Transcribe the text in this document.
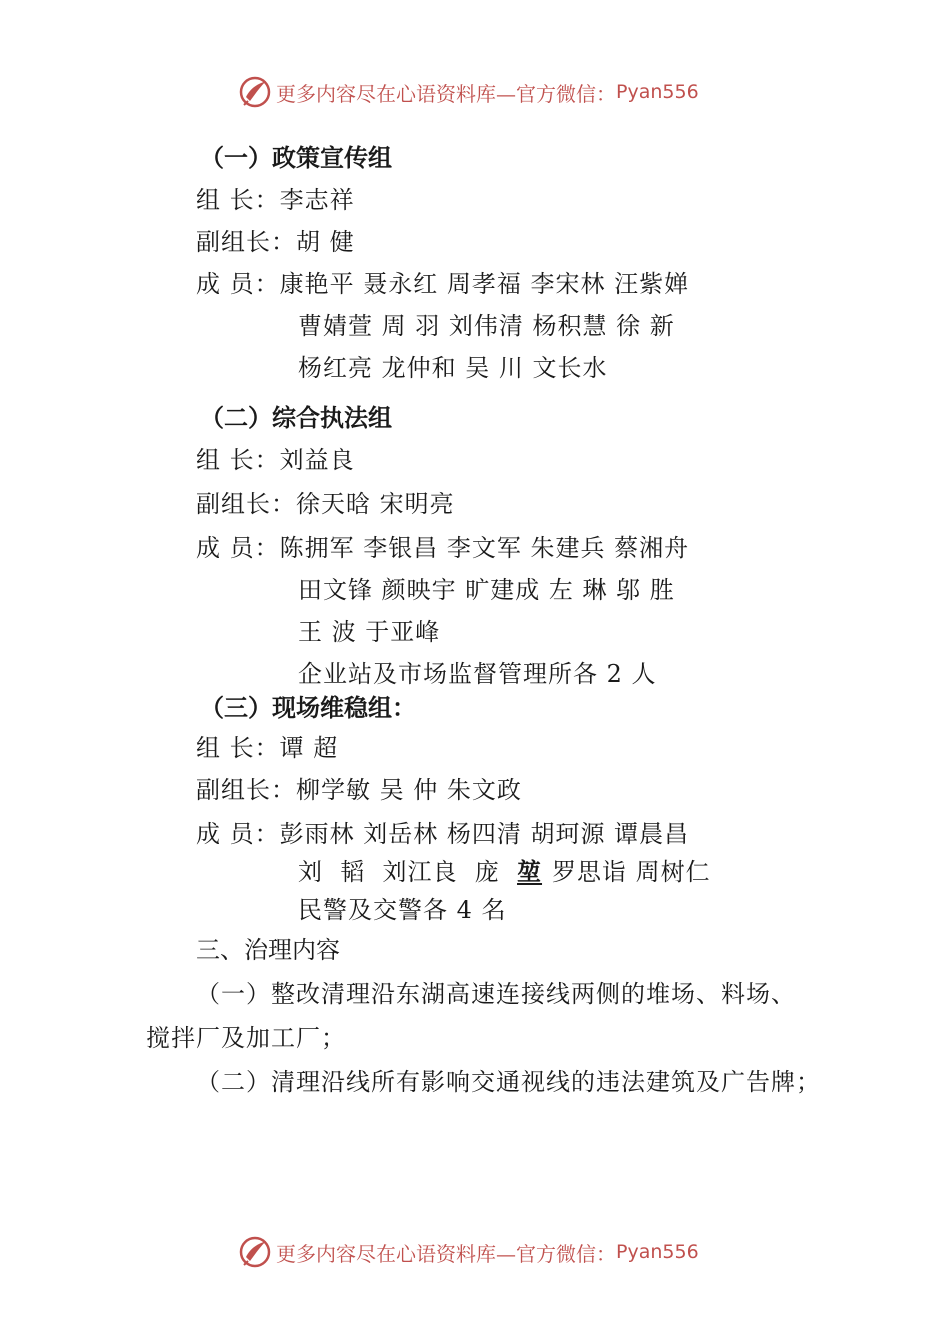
更多内容尽在心语资料库—官方微信： Pyan556
（一）政策宣传组
组 长：李志祥
副组长：胡 健
成 员：康艳平 聂永红 周孝福 李宋林 汪紫婵
曹婧萱 周 羽 刘伟清 杨积慧 徐 新
杨红亮 龙仲和 吴 川 文长水
（二）综合执法组
组 长：刘益良
副组长：徐天晗 宋明亮
成 员：陈拥军 李银昌 李文军 朱建兵 蔡湘舟
田文锋 颜映宇 旷建成 左 琳 邬 胜
王 波 于亚峰
企业站及市场监督管理所各 2 人
（三）现场维稳组：
组 长：谭 超
副组长：柳学敏 吴 仲 朱文政
成 员：彭雨林 刘岳林 杨四清 胡珂源 谭晨昌
刘  韬  刘江良  庞  堃 罗思诣 周树仁
民警及交警各 4 名
三、治理内容
（一）整改清理沿东湖高速连接线两侧的堆场、料场、
搅拌厂及加工厂；
（二）清理沿线所有影响交通视线的违法建筑及广告牌；
更多内容尽在心语资料库—官方微信： Pyan556
